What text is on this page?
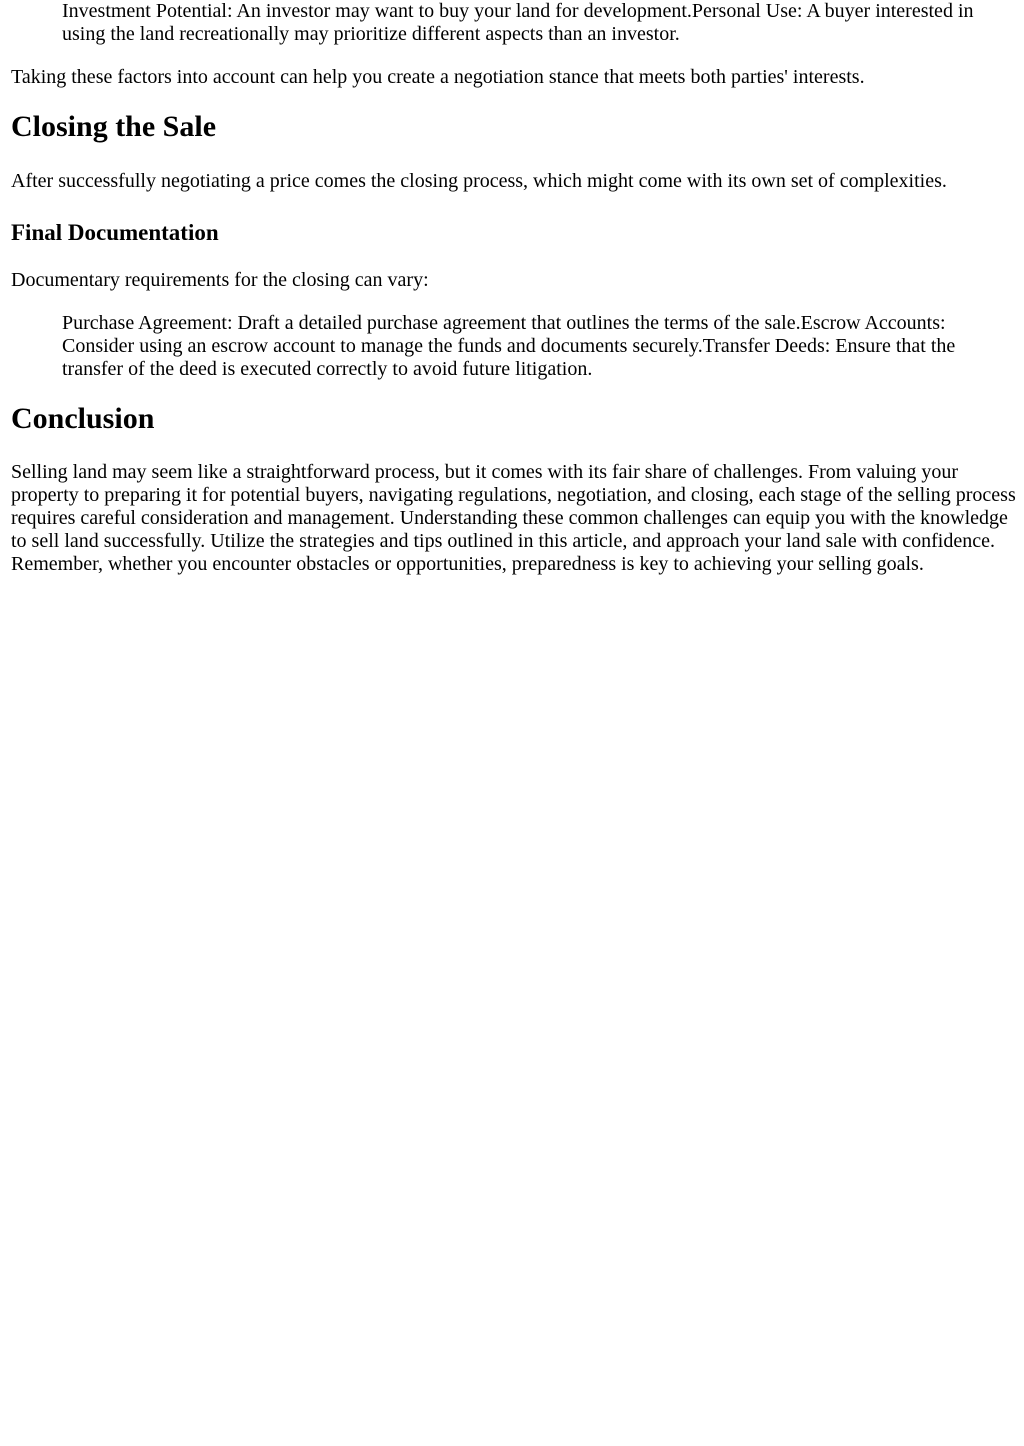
Investment Potential: An investor may want to buy your land for development.Personal Use: A buyer interested in using the land recreationally may prioritize different aspects than an investor.

Taking these factors into account can help you create a negotiation stance that meets both parties' interests.

Closing the Sale

After successfully negotiating a price comes the closing process, which might come with its own set of complexities.

Final Documentation

Documentary requirements for the closing can vary:

Purchase Agreement: Draft a detailed purchase agreement that outlines the terms of the sale.Escrow Accounts: Consider using an escrow account to manage the funds and documents securely.Transfer Deeds: Ensure that the transfer of the deed is executed correctly to avoid future litigation.
Conclusion

Selling land may seem like a straightforward process, but it comes with its fair share of challenges. From valuing your property to preparing it for potential buyers, navigating regulations, negotiation, and closing, each stage of the selling process requires careful consideration and management. Understanding these common challenges can equip you with the knowledge to sell land successfully. Utilize the strategies and tips outlined in this article, and approach your land sale with confidence. Remember, whether you encounter obstacles or opportunities, preparedness is key to achieving your selling goals.
